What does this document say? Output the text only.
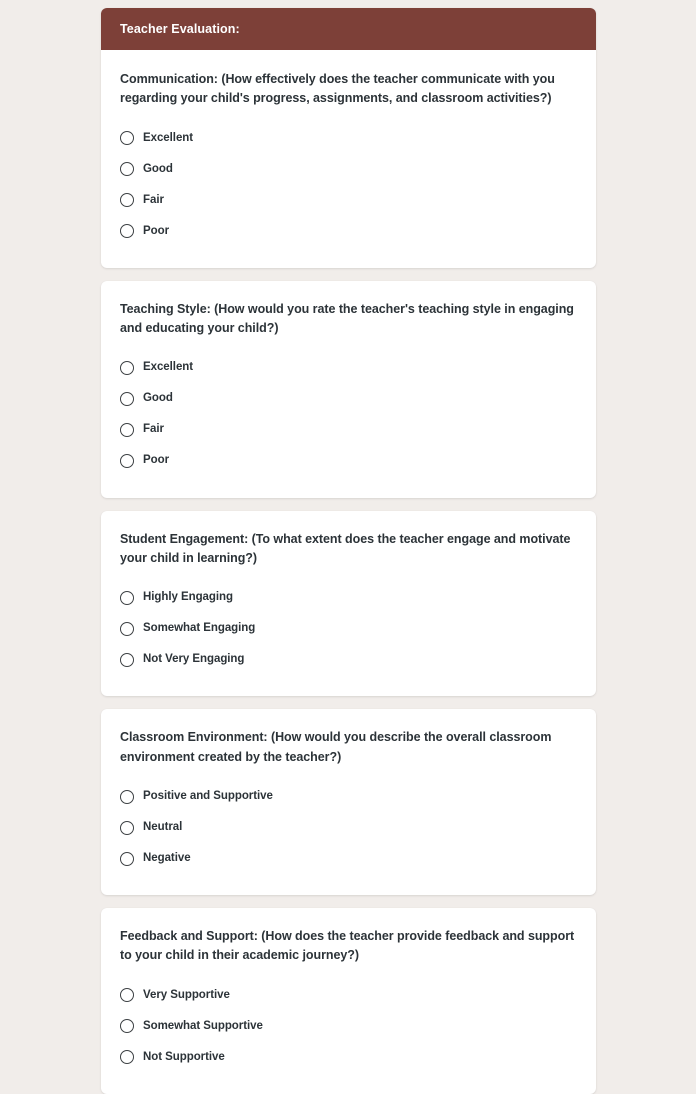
Teacher Evaluation:
Communication: (How effectively does the teacher communicate with you regarding your child's progress, assignments, and classroom activities?)
Excellent
Good
Fair
Poor
Teaching Style: (How would you rate the teacher's teaching style in engaging and educating your child?)
Excellent
Good
Fair
Poor
Student Engagement: (To what extent does the teacher engage and motivate your child in learning?)
Highly Engaging
Somewhat Engaging
Not Very Engaging
Classroom Environment: (How would you describe the overall classroom environment created by the teacher?)
Positive and Supportive
Neutral
Negative
Feedback and Support: (How does the teacher provide feedback and support to your child in their academic journey?)
Very Supportive
Somewhat Supportive
Not Supportive
